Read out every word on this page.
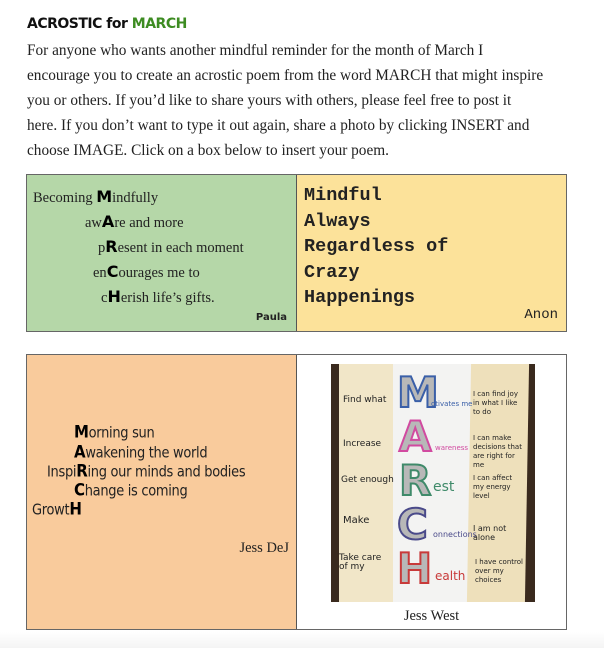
ACROSTIC for MARCH
For anyone who wants another mindful reminder for the month of March I
encourage you to create an acrostic poem from the word MARCH that might inspire
you or others. If you’d like to share yours with others, please feel free to post it
here. If you don’t want to type it out again, share a photo by clicking INSERT and
choose IMAGE. Click on a box below to insert your poem.
Becoming Mindfully
awAre and more
pResent in each moment
enCourages me to
cHerish life’s gifts.
Paula
Mindful
Always
Regardless of
Crazy
Happenings
Anon
Morning sun
Awakening the world
InspiRing our minds and bodies
Change is coming
GrowtH
Jess DeJ
Find what
Increase
Get enough
Make
Take care of my
M
A
R
C
H
otivates me
wareness
est
onnections
ealth
I can find joy in what I like to do
I can make decisions that are right for me
I can affect my energy level
I am not alone
I have control over my choices
Jess West
